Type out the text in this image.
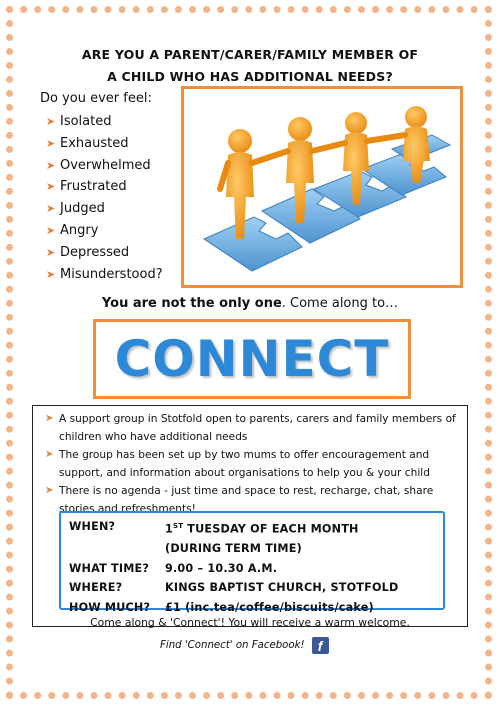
ARE YOU A PARENT/CARER/FAMILY MEMBER OF
A CHILD WHO HAS ADDITIONAL NEEDS?
Do you ever feel:
➤ Isolated
➤ Exhausted
➤ Overwhelmed
➤ Frustrated
➤ Judged
➤ Angry
➤ Depressed
➤ Misunderstood?
You are not the only one. Come along to…
CONNECT
➤ A support group in Stotfold open to parents, carers and family members of children who have additional needs
➤ The group has been set up by two mums to offer encouragement and support, and information about organisations to help you & your child
➤ There is no agenda - just time and space to rest, recharge, chat, share stories and refreshments!
WHEN?	1ST TUESDAY OF EACH MONTH
(DURING TERM TIME)
WHAT TIME?	9.00 – 10.30 A.M.
WHERE?	KINGS BAPTIST CHURCH, STOTFOLD
HOW MUCH?	£1 (inc.tea/coffee/biscuits/cake)
Come along & 'Connect'! You will receive a warm welcome.
Find 'Connect' on Facebook! f
